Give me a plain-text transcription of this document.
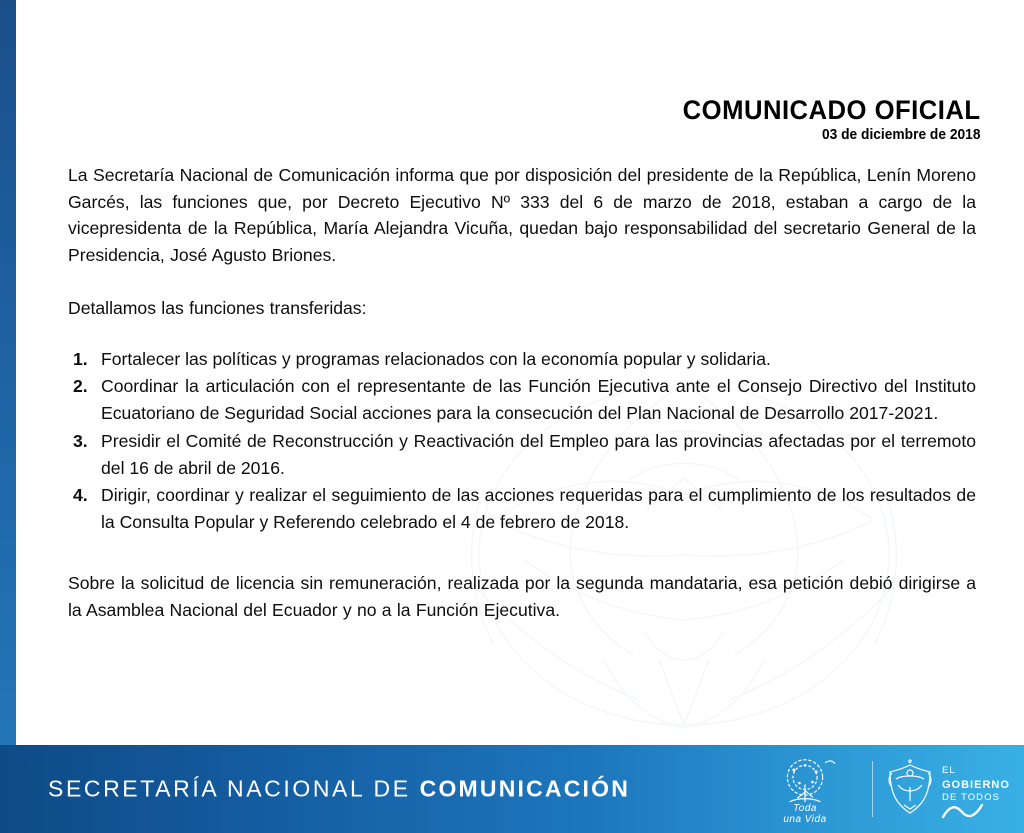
COMUNICADO OFICIAL
03 de diciembre de 2018

La Secretaría Nacional de Comunicación informa que por disposición del presidente de la República, Lenín Moreno Garcés, las funciones que, por Decreto Ejecutivo Nº 333 del 6 de marzo de 2018, estaban a cargo de la vicepresidenta de la República, María Alejandra Vicuña, quedan bajo responsabilidad del secretario General de la Presidencia, José Agusto Briones.

Detallamos las funciones transferidas:

Fortalecer las políticas y programas relacionados con la economía popular y solidaria.
Coordinar la articulación con el representante de las Función Ejecutiva ante el Consejo Directivo del Instituto Ecuatoriano de Seguridad Social acciones para la consecución del Plan Nacional de Desarrollo 2017-2021.
Presidir el Comité de Reconstrucción y Reactivación del Empleo para las provincias afectadas por el terremoto del 16 de abril de 2016.
Dirigir, coordinar y realizar el seguimiento de las acciones requeridas para el cumplimiento de los resultados de la Consulta Popular y Referendo celebrado el 4 de febrero de 2018.

Sobre la solicitud de licencia sin remuneración, realizada por la segunda mandataria, esa petición debió dirigirse a la Asamblea Nacional del Ecuador y no a la Función Ejecutiva.

SECRETARÍA NACIONAL DE COMUNICACIÓN
Toda
una Vida
EL
GOBIERNO
DE TODOS
